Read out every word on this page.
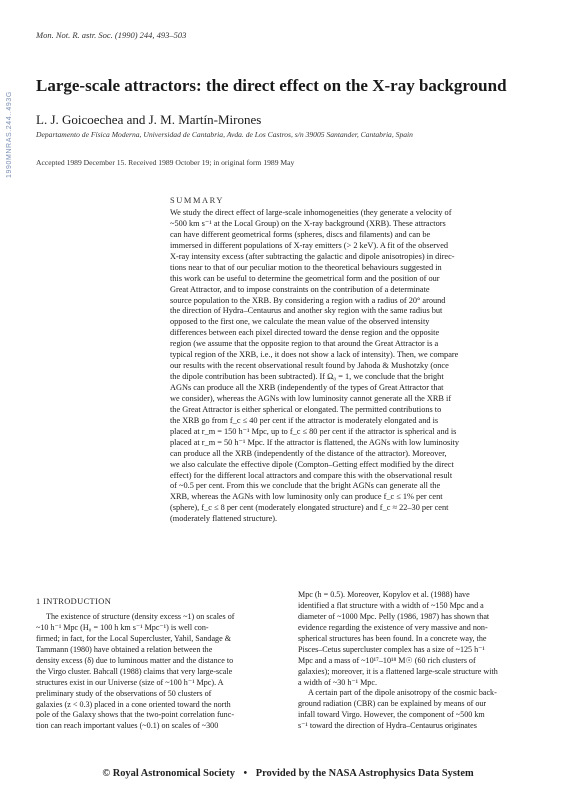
1990MNRAS.244..493G
Mon. Not. R. astr. Soc. (1990) 244, 493–503
Large-scale attractors: the direct effect on the X-ray background
L. J. Goicoechea and J. M. Martín-Mirones
Departamento de Física Moderna, Universidad de Cantabria, Avda. de Los Castros, s/n 39005 Santander, Cantabria, Spain
Accepted 1989 December 15. Received 1989 October 19; in original form 1989 May
SUMMARY
We study the direct effect of large-scale inhomogeneities (they generate a velocity of
~500 km s⁻¹ at the Local Group) on the X-ray background (XRB). These attractors
can have different geometrical forms (spheres, discs and filaments) and can be
immersed in different populations of X-ray emitters (> 2 keV). A fit of the observed
X-ray intensity excess (after subtracting the galactic and dipole anisotropies) in direc-
tions near to that of our peculiar motion to the theoretical behaviours suggested in
this work can be useful to determine the geometrical form and the position of our
Great Attractor, and to impose constraints on the contribution of a determinate
source population to the XRB. By considering a region with a radius of 20° around
the direction of Hydra–Centaurus and another sky region with the same radius but
opposed to the first one, we calculate the mean value of the observed intensity
differences between each pixel directed toward the dense region and the opposite
region (we assume that the opposite region to that around the Great Attractor is a
typical region of the XRB, i.e., it does not show a lack of intensity). Then, we compare
our results with the recent observational result found by Jahoda & Mushotzky (once
the dipole contribution has been subtracted). If Ω₀ = 1, we conclude that the bright
AGNs can produce all the XRB (independently of the types of Great Attractor that
we consider), whereas the AGNs with low luminosity cannot generate all the XRB if
the Great Attractor is either spherical or elongated. The permitted contributions to
the XRB go from f_c ≤ 40 per cent if the attractor is moderately elongated and is
placed at r_m = 150 h⁻¹ Mpc, up to f_c ≤ 80 per cent if the attractor is spherical and is
placed at r_m = 50 h⁻¹ Mpc. If the attractor is flattened, the AGNs with low luminosity
can produce all the XRB (independently of the distance of the attractor). Moreover,
we also calculate the effective dipole (Compton–Getting effect modified by the direct
effect) for the different local attractors and compare this with the observational result
of ~0.5 per cent. From this we conclude that the bright AGNs can generate all the
XRB, whereas the AGNs with low luminosity only can produce f_c ≤ 1% per cent
(sphere), f_c ≤ 8 per cent (moderately elongated structure) and f_c ≈ 22–30 per cent
(moderately flattened structure).
1 INTRODUCTION
The existence of structure (density excess ~1) on scales of
~10 h⁻¹ Mpc (H₀ = 100 h km s⁻¹ Mpc⁻¹) is well con-
firmed; in fact, for the Local Supercluster, Yahil, Sandage &
Tammann (1980) have obtained a relation between the
density excess (δ) due to luminous matter and the distance to
the Virgo cluster. Bahcall (1988) claims that very large-scale
structures exist in our Universe (size of ~100 h⁻¹ Mpc). A
preliminary study of the observations of 50 clusters of
galaxies (z < 0.3) placed in a cone oriented toward the north
pole of the Galaxy shows that the two-point correlation func-
tion can reach important values (~0.1) on scales of ~300
Mpc (h = 0.5). Moreover, Kopylov et al. (1988) have
identified a flat structure with a width of ~150 Mpc and a
diameter of ~1000 Mpc. Pelly (1986, 1987) has shown that
evidence regarding the existence of very massive and non-
spherical structures has been found. In a concrete way, the
Pisces–Cetus supercluster complex has a size of ~125 h⁻¹
Mpc and a mass of ~10¹⁷–10¹⁸ M☉ (60 rich clusters of
galaxies); moreover, it is a flattened large-scale structure with
a width of ~30 h⁻¹ Mpc.
A certain part of the dipole anisotropy of the cosmic back-
ground radiation (CBR) can be explained by means of our
infall toward Virgo. However, the component of ~500 km
s⁻¹ toward the direction of Hydra–Centaurus originates
© Royal Astronomical Society • Provided by the NASA Astrophysics Data System
